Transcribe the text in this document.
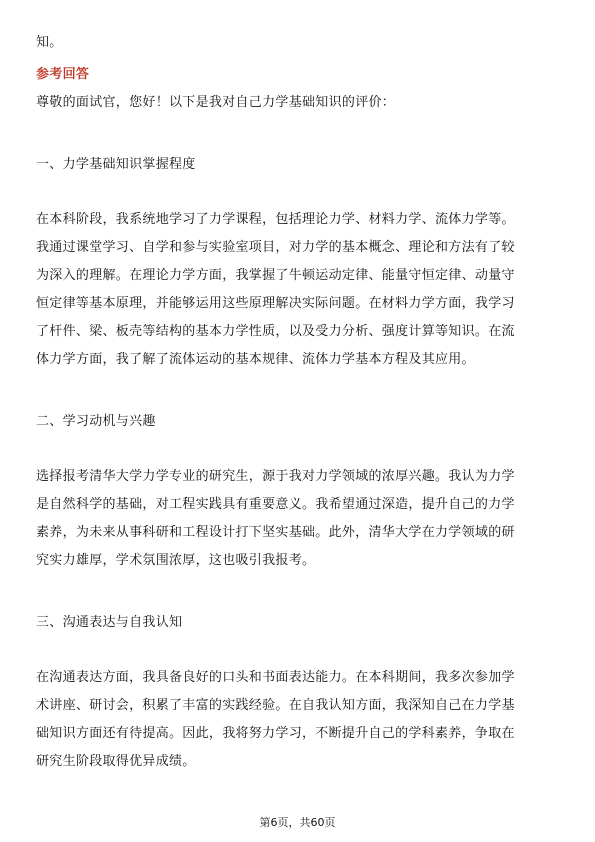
知。
参考回答
尊敬的面试官，您好！以下是我对自己力学基础知识的评价：
一、力学基础知识掌握程度
在本科阶段，我系统地学习了力学课程，包括理论力学、材料力学、流体力学等。
我通过课堂学习、自学和参与实验室项目，对力学的基本概念、理论和方法有了较
为深入的理解。在理论力学方面，我掌握了牛顿运动定律、能量守恒定律、动量守
恒定律等基本原理，并能够运用这些原理解决实际问题。在材料力学方面，我学习
了杆件、梁、板壳等结构的基本力学性质，以及受力分析、强度计算等知识。在流
体力学方面，我了解了流体运动的基本规律、流体力学基本方程及其应用。
二、学习动机与兴趣
选择报考清华大学力学专业的研究生，源于我对力学领域的浓厚兴趣。我认为力学
是自然科学的基础，对工程实践具有重要意义。我希望通过深造，提升自己的力学
素养，为未来从事科研和工程设计打下坚实基础。此外，清华大学在力学领域的研
究实力雄厚，学术氛围浓厚，这也吸引我报考。
三、沟通表达与自我认知
在沟通表达方面，我具备良好的口头和书面表达能力。在本科期间，我多次参加学
术讲座、研讨会，积累了丰富的实践经验。在自我认知方面，我深知自己在力学基
础知识方面还有待提高。因此，我将努力学习，不断提升自己的学科素养，争取在
研究生阶段取得优异成绩。
第6页，共60页
